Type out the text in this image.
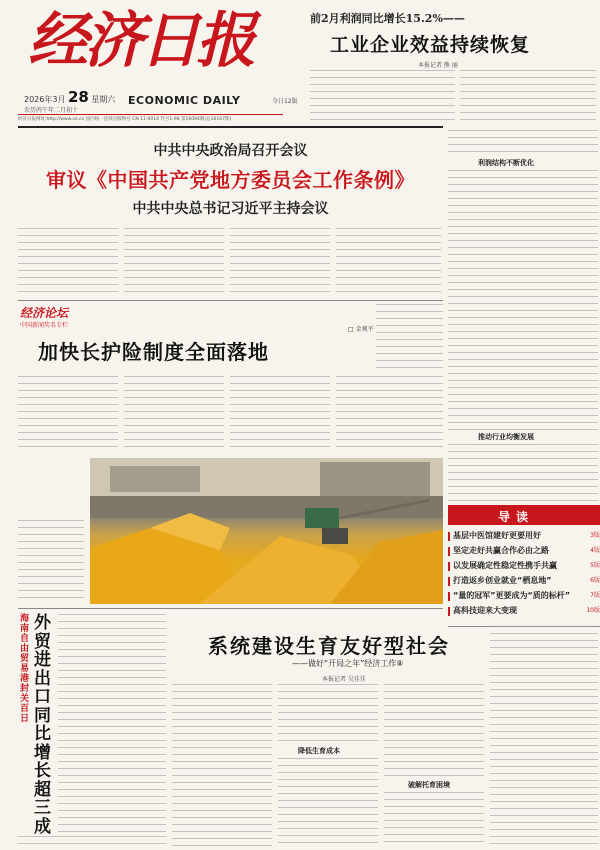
经济日报
2026年3月 28 星期六
农历丙午年二月初十
ECONOMIC DAILY	今日12版
经济日报网址:http://www.ce.cn 国内统一连续出版物号 CN 11-0014 代号1-98 第16094期(总16167期)
前2月利润同比增长15.2%——
工业企业效益持续恢复
本报记者 熊 丽
中共中央政治局召开会议
审议《中国共产党地方委员会工作条例》
中共中央总书记习近平主持会议
经济论坛
中国新闻奖名专栏
□ 金观平
加快长护险制度全面落地
利润结构不断优化
推动行业均衡发展
导读
基层中医馆建好更要用好	3版
坚定走好共赢合作必由之路	4版
以发展确定性稳定性携手共赢	5版
打造返乡创业就业“栖息地”	6版
“量的冠军”更要成为“质的标杆”	7版
高科技迎来大变现	10版
海南自由贸易港封关百日
外贸进出口同比增长超三成
系统建设生育友好型社会
——做好“开局之年”经济工作⑧
本报记者 吴佳佳
降低生育成本
破解托育困境
